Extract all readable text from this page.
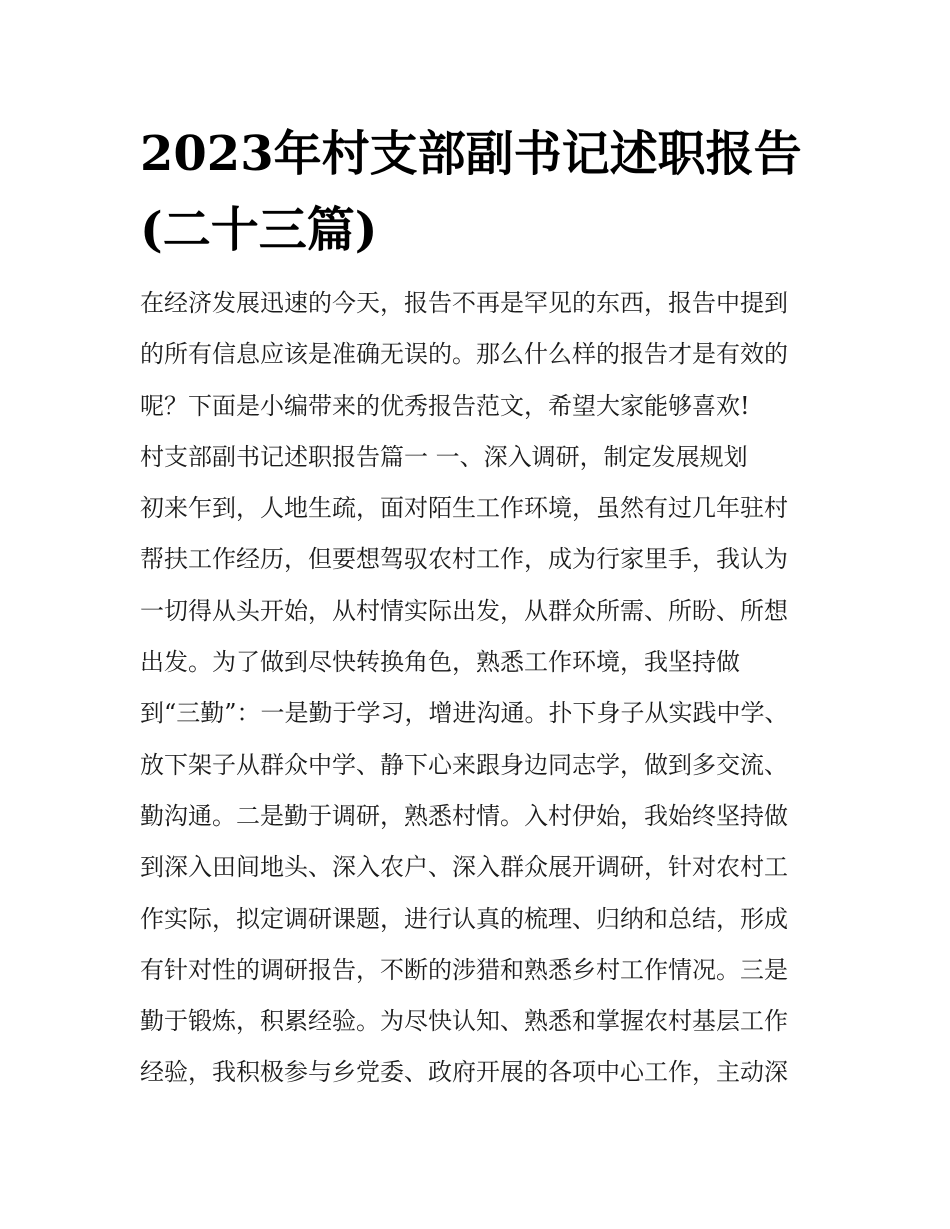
2023年村支部副书记述职报告
(二十三篇)
在经济发展迅速的今天，报告不再是罕见的东西，报告中提到
的所有信息应该是准确无误的。那么什么样的报告才是有效的
呢？下面是小编带来的优秀报告范文，希望大家能够喜欢!
村支部副书记述职报告篇一 一、深入调研，制定发展规划
初来乍到，人地生疏，面对陌生工作环境，虽然有过几年驻村
帮扶工作经历，但要想驾驭农村工作，成为行家里手，我认为
一切得从头开始，从村情实际出发，从群众所需、所盼、所想
出发。为了做到尽快转换角色，熟悉工作环境，我坚持做
到“三勤”：一是勤于学习，增进沟通。扑下身子从实践中学、
放下架子从群众中学、静下心来跟身边同志学，做到多交流、
勤沟通。二是勤于调研，熟悉村情。入村伊始，我始终坚持做
到深入田间地头、深入农户、深入群众展开调研，针对农村工
作实际，拟定调研课题，进行认真的梳理、归纳和总结，形成
有针对性的调研报告，不断的涉猎和熟悉乡村工作情况。三是
勤于锻炼，积累经验。为尽快认知、熟悉和掌握农村基层工作
经验，我积极参与乡党委、政府开展的各项中心工作，主动深
